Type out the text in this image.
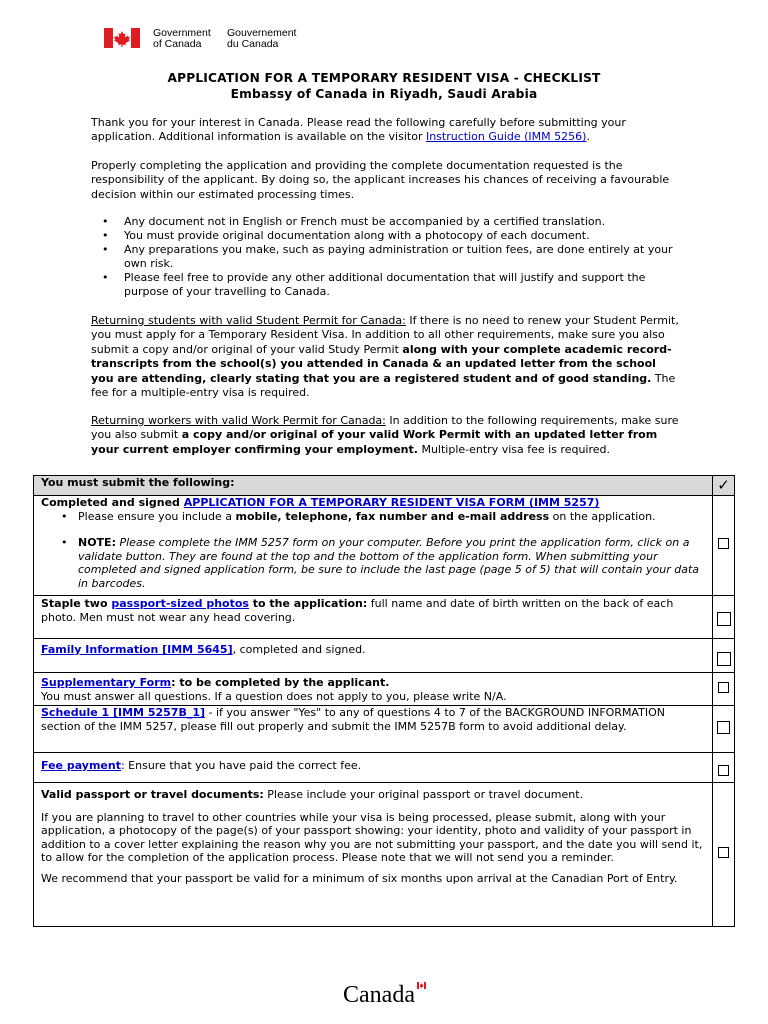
Government
of Canada
Gouvernement
du Canada
APPLICATION FOR A TEMPORARY RESIDENT VISA - CHECKLIST
Embassy of Canada in Riyadh, Saudi Arabia
Thank you for your interest in Canada. Please read the following carefully before submitting your application. Additional information is available on the visitor Instruction Guide (IMM 5256).
Properly completing the application and providing the complete documentation requested is the responsibility of the applicant. By doing so, the applicant increases his chances of receiving a favourable decision within our estimated processing times.
• Any document not in English or French must be accompanied by a certified translation.
• You must provide original documentation along with a photocopy of each document.
• Any preparations you make, such as paying administration or tuition fees, are done entirely at your own risk.
• Please feel free to provide any other additional documentation that will justify and support the purpose of your travelling to Canada.
Returning students with valid Student Permit for Canada: If there is no need to renew your Student Permit, you must apply for a Temporary Resident Visa. In addition to all other requirements, make sure you also submit a copy and/or original of your valid Study Permit along with your complete academic record-transcripts from the school(s) you attended in Canada & an updated letter from the school you are attending, clearly stating that you are a registered student and of good standing. The fee for a multiple-entry visa is required.
Returning workers with valid Work Permit for Canada: In addition to the following requirements, make sure you also submit a copy and/or original of your valid Work Permit with an updated letter from your current employer confirming your employment. Multiple-entry visa fee is required.
You must submit the following:	✓

Completed and signed APPLICATION FOR A TEMPORARY RESIDENT VISA FORM (IMM 5257)
• Please ensure you include a mobile, telephone, fax number and e-mail address on the application.
• NOTE: Please complete the IMM 5257 form on your computer. Before you print the application form, click on a validate button. They are found at the top and the bottom of the application form. When submitting your completed and signed application form, be sure to include the last page (page 5 of 5) that will contain your data in barcodes.	

Staple two passport-sized photos to the application: full name and date of birth written on the back of each photo. Men must not wear any head covering.	
Family Information [IMM 5645], completed and signed.	

Supplementary Form: to be completed by the applicant.
You must answer all questions. If a question does not apply to you, please write N/A.	

Schedule 1 [IMM 5257B_1] - if you answer "Yes" to any of questions 4 to 7 of the BACKGROUND INFORMATION section of the IMM 5257, please fill out properly and submit the IMM 5257B form to avoid additional delay.	
Fee payment: Ensure that you have paid the correct fee.	

Valid passport or travel documents: Please include your original passport or travel document.
If you are planning to travel to other countries while your visa is being processed, please submit, along with your application, a photocopy of the page(s) of your passport showing: your identity, photo and validity of your passport in addition to a cover letter explaining the reason why you are not submitting your passport, and the date you will send it, to allow for the completion of the application process. Please note that we will not send you a reminder.
We recommend that your passport be valid for a minimum of six months upon arrival at the Canadian Port of Entry.	

Canada
